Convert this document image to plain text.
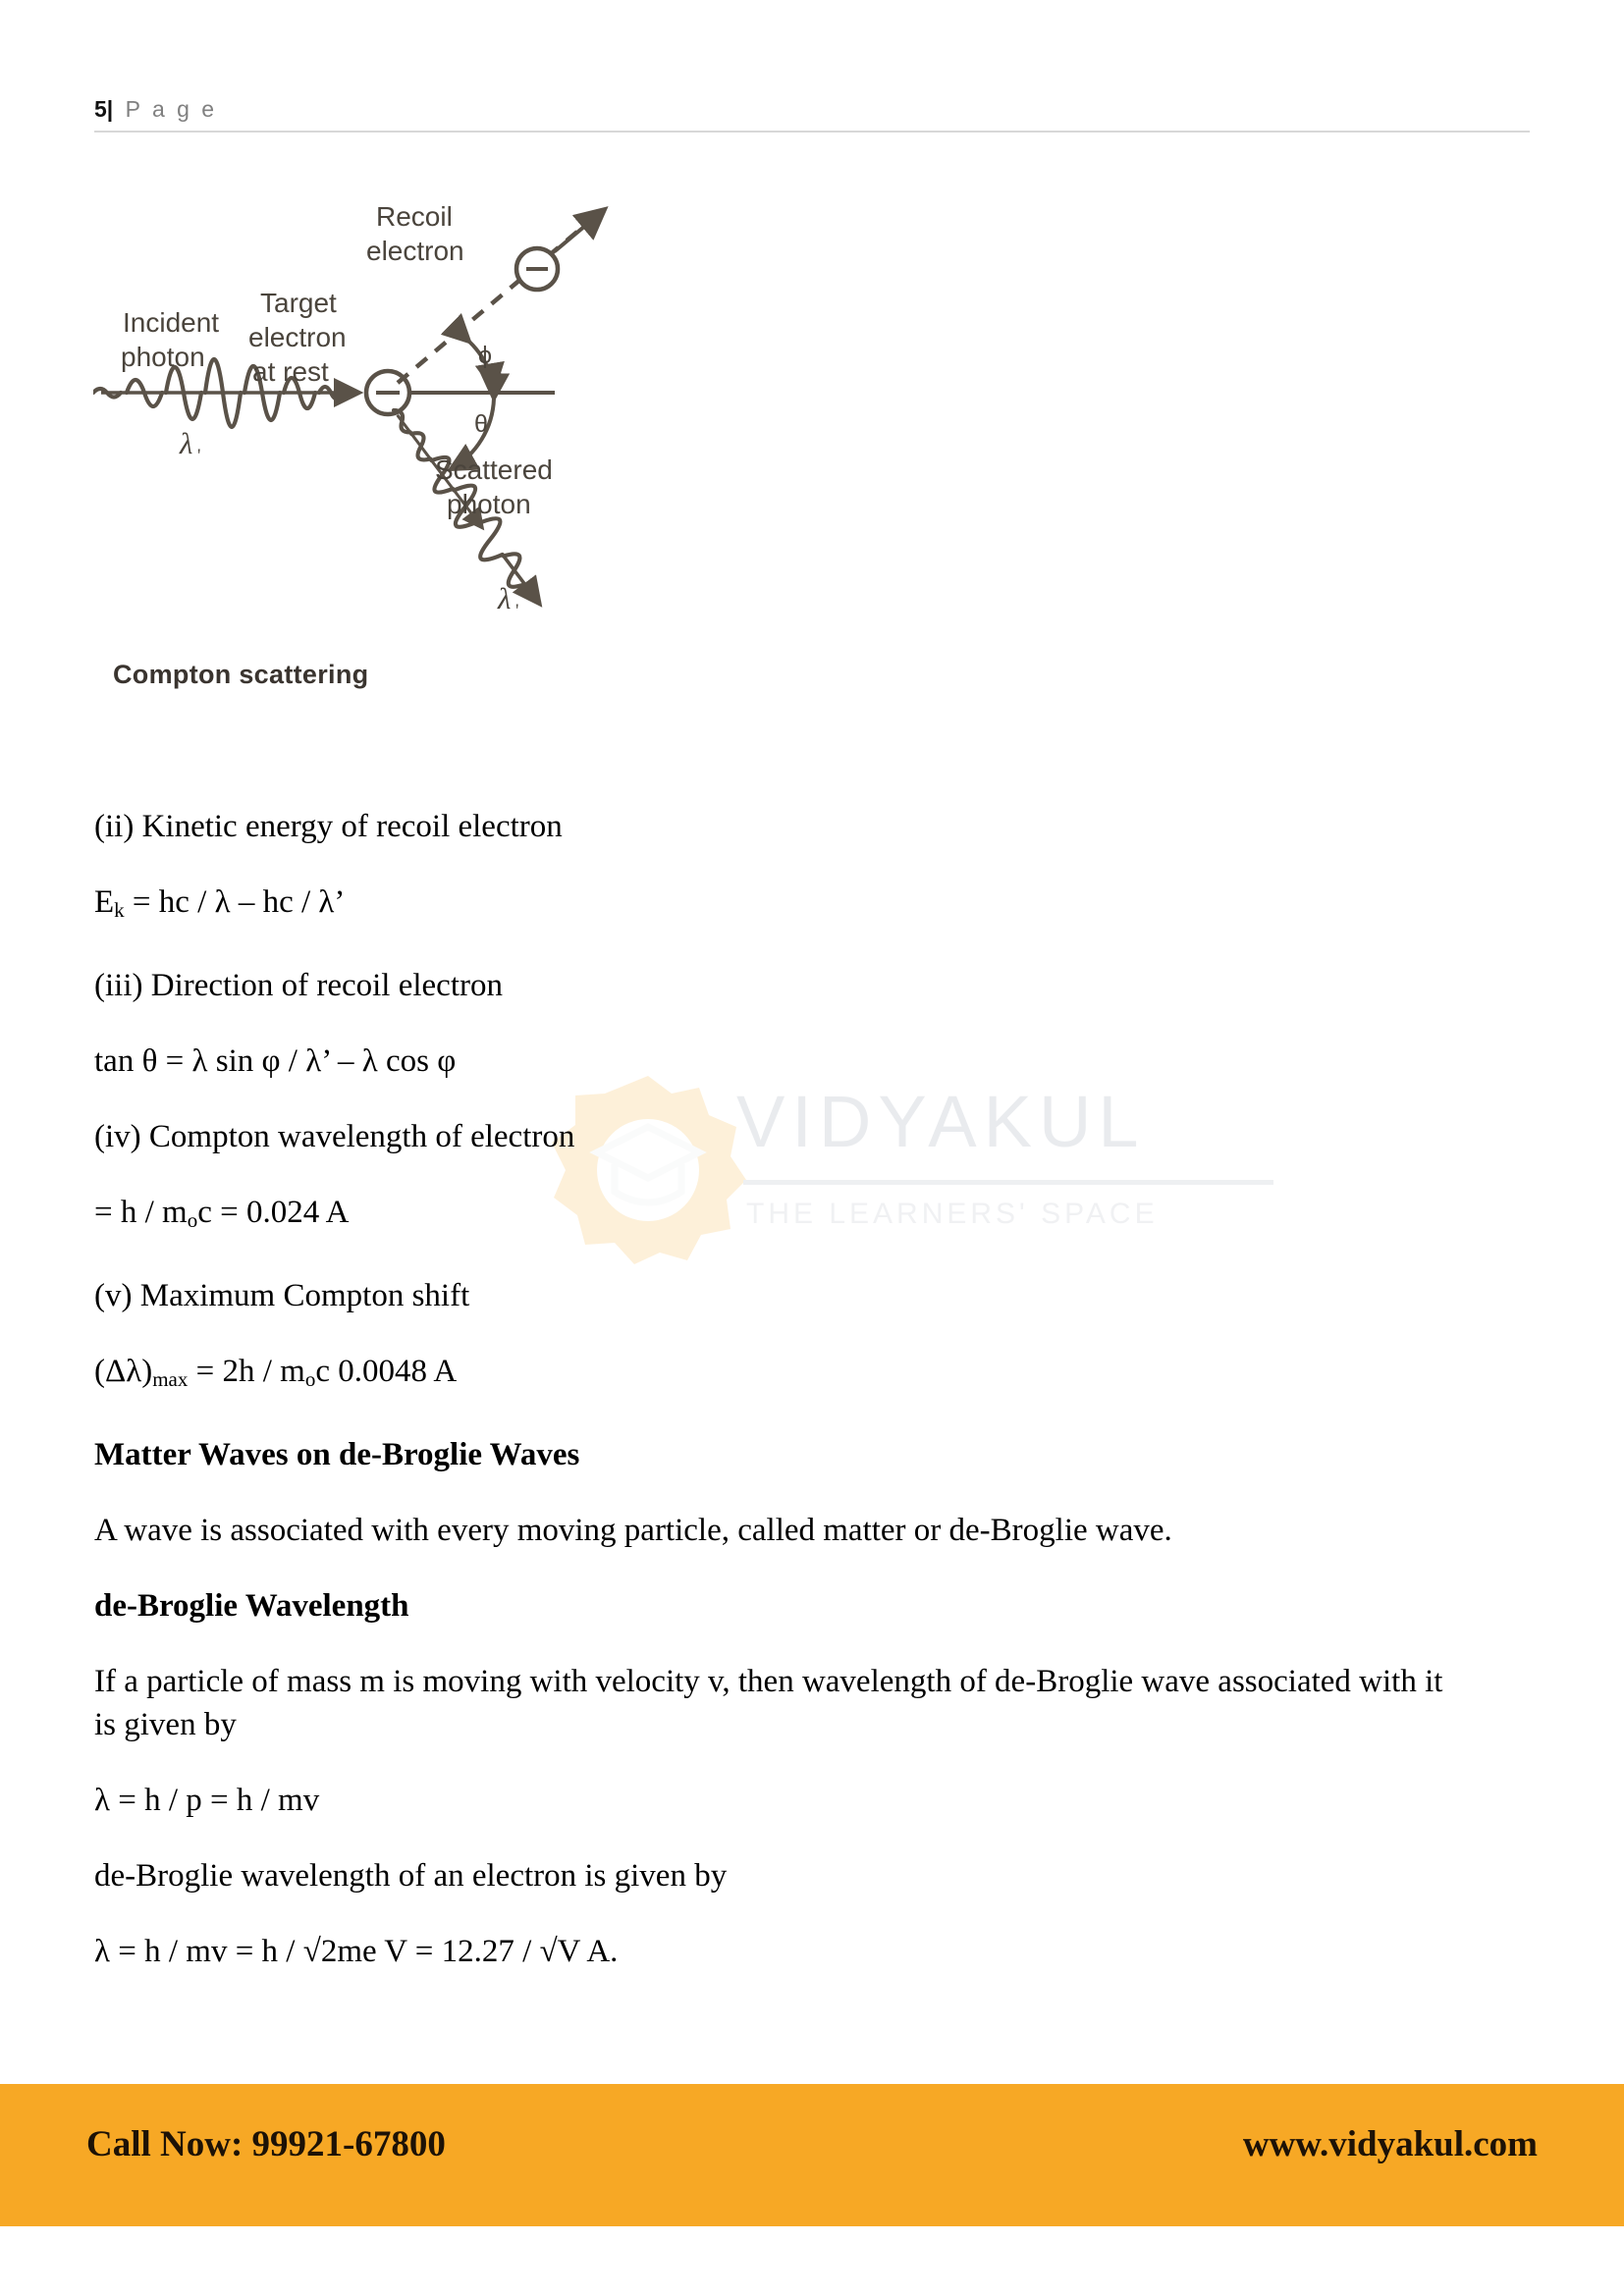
5| P a g e
VIDYAKUL
THE LEARNERS' SPACE
ϕ
θ
λ '
λ '
Recoil
electron
Incident
photon
Target
electron
at rest
Scattered
photon
Compton scattering

(ii) Kinetic energy of recoil electron

$E_k$ = hc / λ – hc / λ’

(iii) Direction of recoil electron

tan θ = λ sin φ / λ’ – λ cos φ

(iv) Compton wavelength of electron

= $h / m_oc = 0.024$ A

(v) Maximum Compton shift

$(\Delta\lambda)_{max} = 2h / m_oc$ 0.0048 A

Matter Waves on de-Broglie Waves

A wave is associated with every moving particle, called matter or de-Broglie wave.

de-Broglie Wavelength

If a particle of mass m is moving with velocity v, then wavelength of de-Broglie wave associated with it is given by

λ = h / p = h / mv

de-Broglie wavelength of an electron is given by

λ = h / mv = h / √2me V = 12.27 / √V A.

Call Now: 99921-67800	www.vidyakul.com
